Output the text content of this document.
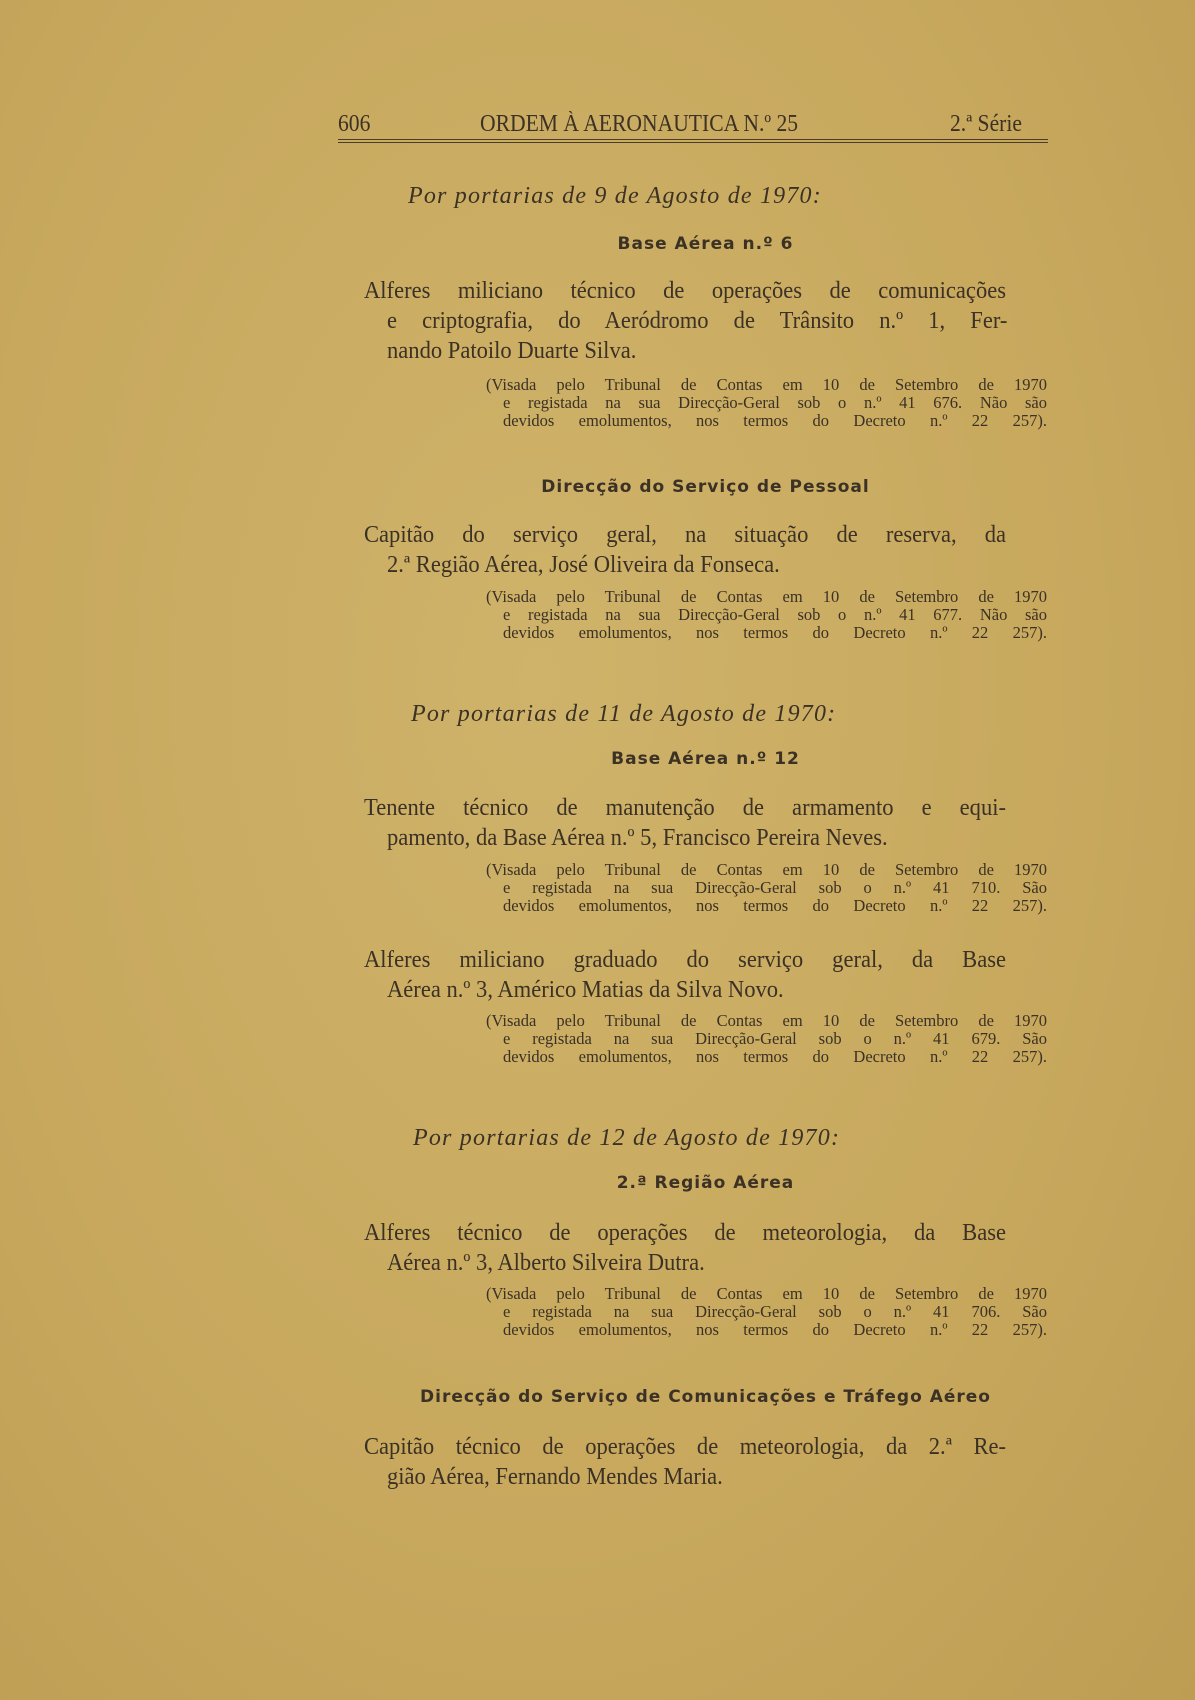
606	ORDEM À AERONAUTICA N.º 25	2.ª Série
Por portarias de 9 de Agosto de 1970:
Base Aérea n.º 6
Alferes miliciano técnico de operações de comunicações
e criptografia, do Aeródromo de Trânsito n.º 1, Fer-
nando Patoilo Duarte Silva.
(Visada pelo Tribunal de Contas em 10 de Setembro de 1970
e registada na sua Direcção-Geral sob o n.º 41 676. Não são
devidos emolumentos, nos termos do Decreto n.º 22 257).
Direcção do Serviço de Pessoal
Capitão do serviço geral, na situação de reserva, da
2.ª Região Aérea, José Oliveira da Fonseca.
(Visada pelo Tribunal de Contas em 10 de Setembro de 1970
e registada na sua Direcção-Geral sob o n.º 41 677. Não são
devidos emolumentos, nos termos do Decreto n.º 22 257).
Por portarias de 11 de Agosto de 1970:
Base Aérea n.º 12
Tenente técnico de manutenção de armamento e equi-
pamento, da Base Aérea n.º 5, Francisco Pereira Neves.
(Visada pelo Tribunal de Contas em 10 de Setembro de 1970
e registada na sua Direcção-Geral sob o n.º 41 710. São
devidos emolumentos, nos termos do Decreto n.º 22 257).
Alferes miliciano graduado do serviço geral, da Base
Aérea n.º 3, Américo Matias da Silva Novo.
(Visada pelo Tribunal de Contas em 10 de Setembro de 1970
e registada na sua Direcção-Geral sob o n.º 41 679. São
devidos emolumentos, nos termos do Decreto n.º 22 257).
Por portarias de 12 de Agosto de 1970:
2.ª Região Aérea
Alferes técnico de operações de meteorologia, da Base
Aérea n.º 3, Alberto Silveira Dutra.
(Visada pelo Tribunal de Contas em 10 de Setembro de 1970
e registada na sua Direcção-Geral sob o n.º 41 706. São
devidos emolumentos, nos termos do Decreto n.º 22 257).
Direcção do Serviço de Comunicações e Tráfego Aéreo
Capitão técnico de operações de meteorologia, da 2.ª Re-
gião Aérea, Fernando Mendes Maria.
